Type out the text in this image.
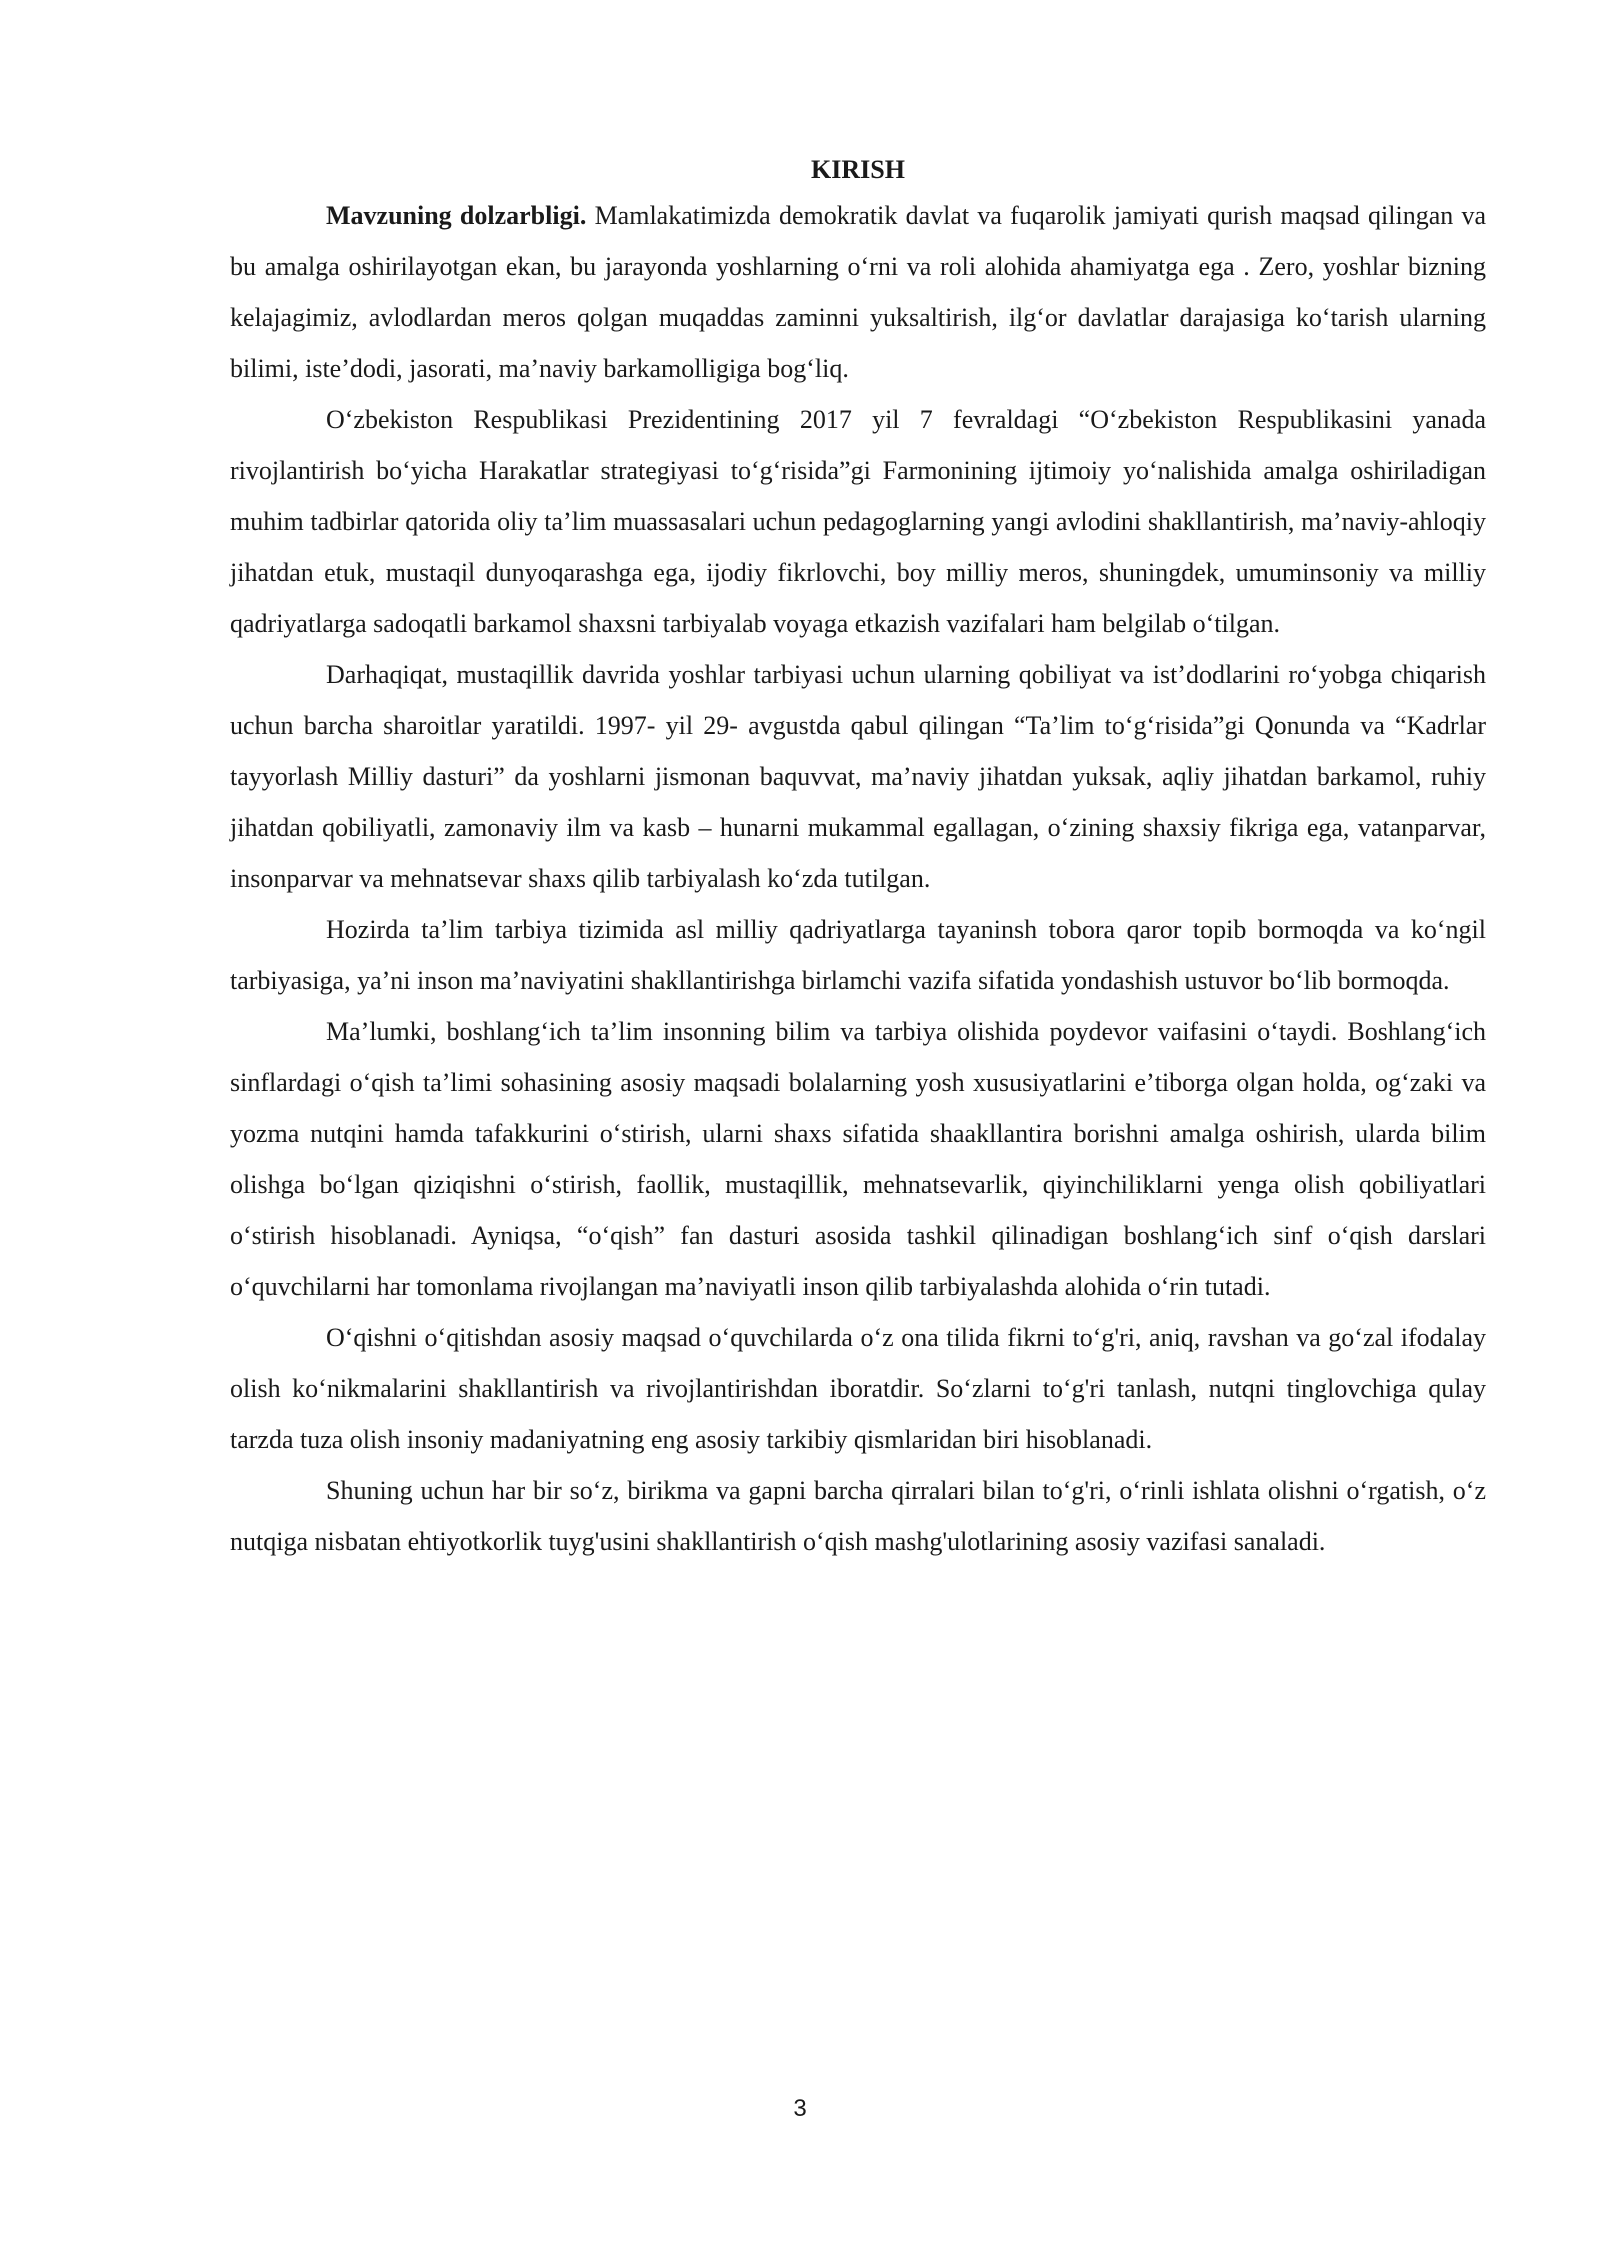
KIRISH

Mavzuning dolzarbligi. Mamlakatimizda demokratik davlat va fuqarolik jamiyati qurish maqsad qilingan va bu amalga oshirilayotgan ekan, bu jarayonda yoshlarning oʻrni va roli alohida ahamiyatga ega . Zero, yoshlar bizning kelajagimiz, avlodlardan meros qolgan muqaddas zaminni yuksaltirish, ilgʻor davlatlar darajasiga koʻtarish ularning bilimi, isteʼdodi, jasorati, maʼnaviy barkamolligiga bogʻliq.

Oʻzbekiston Respublikasi Prezidentining 2017 yil 7 fevraldagi “Oʻzbekiston Respublikasini yanada rivojlantirish boʻyicha Harakatlar strategiyasi toʻgʻrisida”gi Farmonining ijtimoiy yoʻnalishida amalga oshiriladigan muhim tadbirlar qatorida oliy taʼlim muassasalari uchun pedagoglarning yangi avlodini shakllantirish, maʼnaviy-ahloqiy jihatdan etuk, mustaqil dunyoqarashga ega, ijodiy fikrlovchi, boy milliy meros, shuningdek, umuminsoniy va milliy qadriyatlarga sadoqatli barkamol shaxsni tarbiyalab voyaga etkazish vazifalari ham belgilab oʻtilgan.

Darhaqiqat, mustaqillik davrida yoshlar tarbiyasi uchun ularning qobiliyat va ist’dodlarini roʻyobga chiqarish uchun barcha sharoitlar yaratildi. 1997- yil 29- avgustda qabul qilingan “Taʼlim toʻgʻrisida”gi Qonunda va “Kadrlar tayyorlash Milliy dasturi” da yoshlarni jismonan baquvvat, maʼnaviy jihatdan yuksak, aqliy jihatdan barkamol, ruhiy jihatdan qobiliyatli, zamonaviy ilm va kasb – hunarni mukammal egallagan, oʻzining shaxsiy fikriga ega, vatanparvar, insonparvar va mehnatsevar shaxs qilib tarbiyalash koʻzda tutilgan.

Hozirda taʼlim tarbiya tizimida asl milliy qadriyatlarga tayaninsh tobora qaror topib bormoqda va koʻngil tarbiyasiga, ya’ni inson maʼnaviyatini shakllantirishga birlamchi vazifa sifatida yondashish ustuvor boʻlib bormoqda.

Maʼlumki, boshlangʻich taʼlim insonning bilim va tarbiya olishida poydevor vaifasini oʻtaydi. Boshlangʻich sinflardagi oʻqish taʼlimi sohasining asosiy maqsadi bolalarning yosh xususiyatlarini eʼtiborga olgan holda, ogʻzaki va yozma nutqini hamda tafakkurini oʻstirish, ularni shaxs sifatida shaakllantira borishni amalga oshirish, ularda bilim olishga boʻlgan qiziqishni oʻstirish, faollik, mustaqillik, mehnatsevarlik, qiyinchiliklarni yenga olish qobiliyatlari oʻstirish hisoblanadi. Ayniqsa, “oʻqish” fan dasturi asosida tashkil qilinadigan boshlangʻich sinf oʻqish darslari oʻquvchilarni har tomonlama rivojlangan maʼnaviyatli inson qilib tarbiyalashda alohida oʻrin tutadi.

Oʻqishni oʻqitishdan asosiy maqsad oʻquvchilarda oʻz ona tilida fikrni toʻg'ri, aniq, ravshan va goʻzal ifodalay olish koʻnikmalarini shakllantirish va rivojlantirishdan iboratdir. Soʻzlarni toʻg'ri tanlash, nutqni tinglovchiga qulay tarzda tuza olish insoniy madaniyatning eng asosiy tarkibiy qismlaridan biri hisoblanadi.

Shuning uchun har bir soʻz, birikma va gapni barcha qirralari bilan toʻg'ri, oʻrinli ishlata olishni oʻrgatish, oʻz nutqiga nisbatan ehtiyotkorlik tuyg'usini shakllantirish oʻqish mashg'ulotlarining asosiy vazifasi sanaladi.

3
